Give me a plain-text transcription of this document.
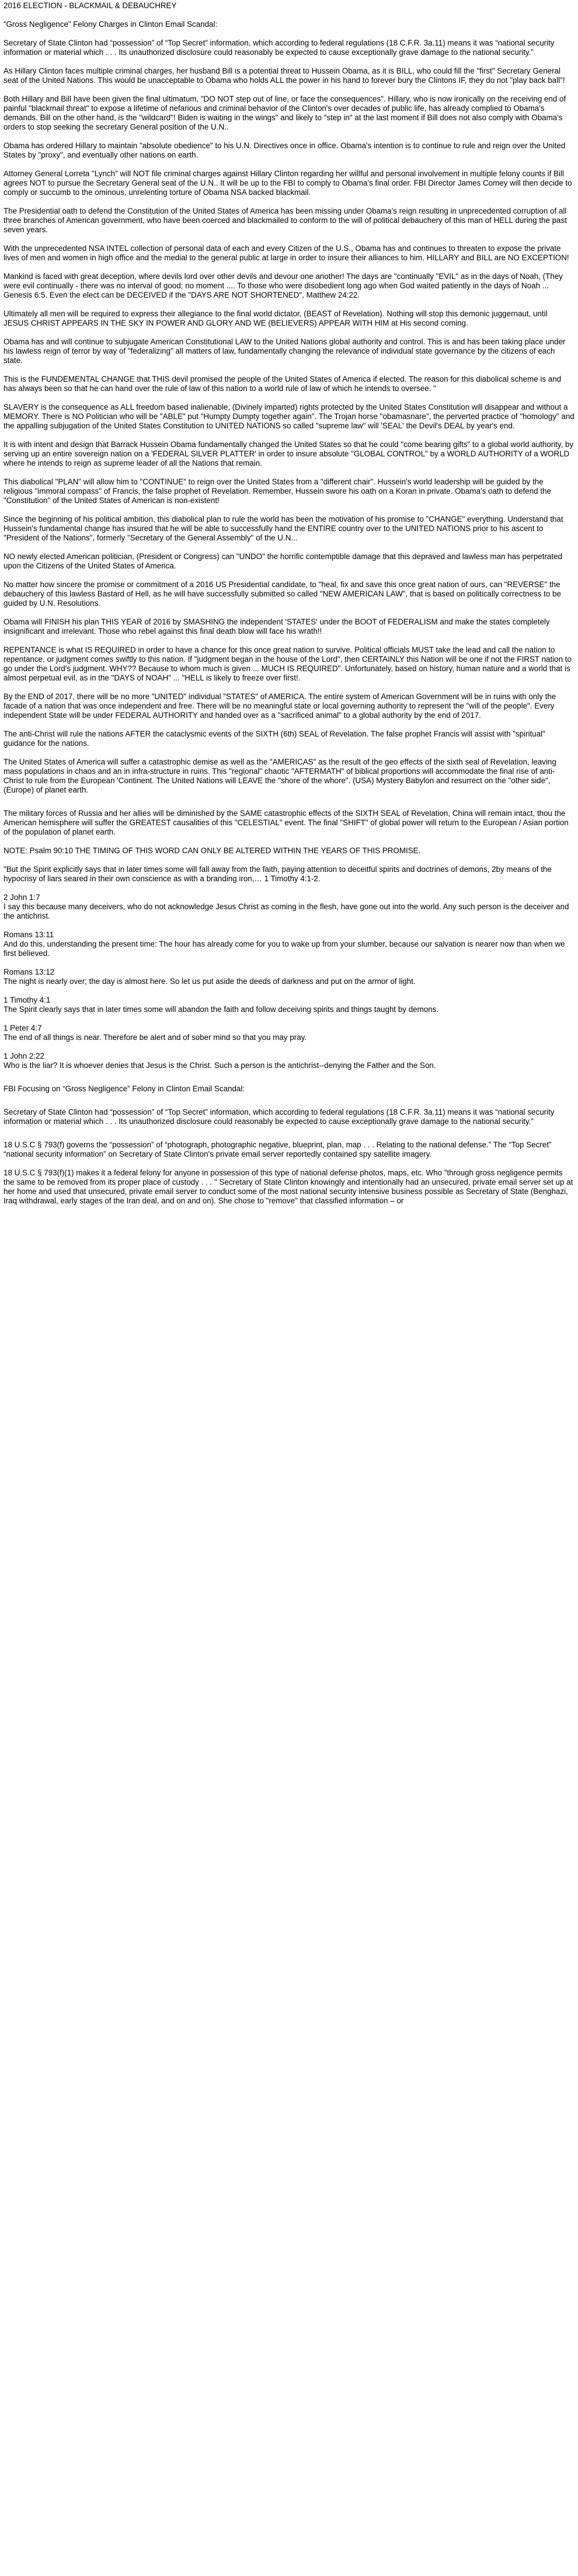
2016 ELECTION - BLACKMAIL & DEBAUCHREY
“Gross Negligence” Felony Charges in Clinton Email Scandal:
Secretary of State Clinton had “possession” of “Top Secret” information, which according to federal regulations (18 C.F.R. 3a.11) means it was “national security information or material which . . . Its unauthorized disclosure could reasonably be expected to cause exceptionally grave damage to the national security.”
As Hillary Clinton faces multiple criminal charges, her husband Bill is a potential threat to Hussein Obama, as it is BILL, who could fill the "first" Secretary General seat of the United Nations. This would be unacceptable to Obama who holds ALL the power in his hand to forever bury the Clintons IF, they do not "play back ball"!
Both Hillary and Bill have been given the final ultimatum, "DO NOT step out of line, or face the consequences". Hillary, who is now ironically on the receiving end of painful "blackmail threat" to expose a lifetime of nefarious and criminal behavior of the Clinton's over decades of public life, has already complied to Obama's demands. Bill on the other hand, is the "wildcard"! Biden is waiting in the wings" and likely to "step in" at the last moment if Bill does not also comply with Obama's orders to stop seeking the secretary General position of the U.N..
Obama has ordered Hillary to maintain "absolute obedience" to his U.N. Directives once in office. Obama's intention is to continue to rule and reign over the United States by "proxy", and eventually other nations on earth.
Attorney General Lorreta "Lynch" will NOT file criminal charges against Hillary Clinton regarding her willful and personal involvement in multiple felony counts if Bill agrees NOT to pursue the Secretary General seat of the U.N.. It will be up to the FBI to comply to Obama's final order. FBI Director James Comey will then decide to comply or succumb to the ominous, unrelenting torture of Obama NSA backed blackmail.
The Presidential oath to defend the Constitution of the United States of America has been missing under Obama's reign resulting in unprecedented corruption of all three branches of American government, who have been coerced and blackmailed to conform to the will of political debauchery of this man of HELL during the past seven years.
With the unprecedented NSA INTEL collection of personal data of each and every Citizen of the U.S., Obama has and continues to threaten to expose the private lives of men and women in high office and the medial to the general public at large in order to insure their alliances to him. HILLARY and BILL are NO EXCEPTION!
Mankind is faced with great deception, where devils lord over other devils and devour one another! The days are "continually "EVIL" as in the days of Noah, (They were evil continually - there was no interval of good; no moment .... To those who were disobedient long ago when God waited patiently in the days of Noah ... Genesis 6:5. Even the elect can be DECEIVED if the "DAYS ARE NOT SHORTENED", Matthew 24:22.
Ultimately all men will be required to express their allegiance to the final world dictator, (BEAST of Revelation). Nothing will stop this demonic juggernaut, until JESUS CHRIST APPEARS IN THE SKY IN POWER AND GLORY AND WE (BELIEVERS) APPEAR WITH HIM at His second coming.
Obama has and will continue to subjugate American Constitutional LAW to the United Nations global authority and control. This is and has been taking place under his lawless reign of terror by way of "federalizing" all matters of law, fundamentally changing the relevance of individual state governance by the citizens of each state.
This is the FUNDEMENTAL CHANGE that THIS devil promised the people of the United States of America if elected. The reason for this diabolical scheme is and has always been so that he can hand over the rule of law of this nation to a world rule of law of which he intends to oversee. "
SLAVERY is the consequence as ALL freedom based inalienable, (Divinely imparted) rights protected by the United States Constitution will disappear and without a MEMORY. There is NO Politician who will be "ABLE" put "Humpty Dumpty together again". The Trojan horse "obamasnare", the perverted practice of "homology" and the appalling subjugation of the United States Constitution to UNITED NATIONS so called "supreme law" will 'SEAL' the Devil's DEAL by year's end.
It is with intent and design that Barrack Hussein Obama fundamentally changed the United States so that he could "come bearing gifts" to a global world authority, by serving up an entire sovereign nation on a 'FEDERAL SILVER PLATTER' in order to insure absolute "GLOBAL CONTROL" by a WORLD AUTHORITY of a WORLD where he intends to reign as supreme leader of all the Nations that remain.
This diabolical "PLAN" will allow him to "CONTINUE" to reign over the United States from a "different chair". Hussein's world leadership will be guided by the religious "immoral compass" of Francis, the false prophet of Revelation. Remember, Hussein swore his oath on a Koran in private. Obama's oath to defend the "Constitution" of the United States of American is non-existent!
Since the beginning of his political ambition, this diabolical plan to rule the world has been the motivation of his promise to "CHANGE" everything. Understand that Hussein's fundamental change has insured that he will be able to successfully hand the ENTIRE country over to the UNITED NATIONS prior to his ascent to "President of the Nations", formerly "Secretary of the General Assembly" of the U.N...
NO newly elected American politician, (President or Congress) can "UNDO" the horrific contemptible damage that this depraved and lawless man has perpetrated upon the Citizens of the United States of America.
No matter how sincere the promise or commitment of a 2016 US Presidential candidate, to "heal, fix and save this once great nation of ours, can "REVERSE" the debauchery of this lawless Bastard of Hell, as he will have successfully submitted so called "NEW AMERICAN LAW", that is based on politically correctness to be guided by U.N. Resolutions.
Obama will FINISH his plan THIS YEAR of 2016 by SMASHING the independent 'STATES' under the BOOT of FEDERALISM and make the states completely insignificant and irrelevant. Those who rebel against this final death blow will face his wrath!!
REPENTANCE is what IS REQUIRED in order to have a chance for this once great nation to survive. Political officials MUST take the lead and call the nation to repentance, or judgment comes swiftly to this nation. If "judgment began in the house of the Lord", then CERTAINLY this Nation will be one if not the FIRST nation to go under the Lord's judgment. WHY?? Because to whom much is given ... MUCH IS REQUIRED". Unfortunately, based on history, human nature and a world that is almost perpetual evil, as in the "DAYS of NOAH" ... "HELL is likely to freeze over first!.
By the END of 2017, there will be no more "UNITED" individual "STATES" of AMERICA. The entire system of American Government will be in ruins with only the facade of a nation that was once independent and free. There will be no meaningful state or local governing authority to represent the "will of the people". Every independent State will be under FEDERAL AUTHORITY and handed over as a "sacrificed animal" to a global authority by the end of 2017.
The anti-Christ will rule the nations AFTER the cataclysmic events of the SIXTH (6th) SEAL of Revelation. The false prophet Francis will assist with "spiritual" guidance for the nations.
The United States of America will suffer a catastrophic demise as well as the "AMERICAS" as the result of the geo effects of the sixth seal of Revelation, leaving mass populations in chaos and an in infra-structure in ruins. This "regional" chaotic "AFTERMATH" of biblical proportions will accommodate the final rise of anti-Christ to rule from the European 'Continent. The United Nations will LEAVE the "shore of the whore". (USA) Mystery Babylon and resurrect on the "other side", (Europe) of planet earth.
The military forces of Russia and her allies will be diminished by the SAME catastrophic effects of the SIXTH SEAL of Revelation, China will remain intact, thou the American hemisphere will suffer the GREATEST causalities of this "CELESTIAL" event. The final "SHIFT" of global power will return to the European / Asian portion of the population of planet earth.
NOTE: Psalm 90:10 THE TIMING OF THIS WORD CAN ONLY BE ALTERED WITHIN THE YEARS OF THIS PROMISE.
"But the Spirit explicitly says that in later times some will fall away from the faith, paying attention to deceitful spirits and doctrines of demons, 2by means of the hypocrisy of liars seared in their own conscience as with a branding iron,… 1 Timothy 4:1-2.
2 John 1:7
I say this because many deceivers, who do not acknowledge Jesus Christ as coming in the flesh, have gone out into the world. Any such person is the deceiver and the antichrist.
Romans 13:11
And do this, understanding the present time: The hour has already come for you to wake up from your slumber, because our salvation is nearer now than when we first believed.
Romans 13:12
The night is nearly over; the day is almost here. So let us put aside the deeds of darkness and put on the armor of light.
1 Timothy 4:1
The Spirit clearly says that in later times some will abandon the faith and follow deceiving spirits and things taught by demons.
1 Peter 4:7
The end of all things is near. Therefore be alert and of sober mind so that you may pray.
1 John 2:22
Who is the liar? It is whoever denies that Jesus is the Christ. Such a person is the antichrist--denying the Father and the Son.
FBI Focusing on “Gross Negligence” Felony in Clinton Email Scandal:
Secretary of State Clinton had “possession” of “Top Secret” information, which according to federal regulations (18 C.F.R. 3a.11) means it was “national security information or material which . . . Its unauthorized disclosure could reasonably be expected to cause exceptionally grave damage to the national security.”
18 U.S.C § 793(f) governs the “possession” of “photograph, photographic negative, blueprint, plan, map . . . Relating to the national defense.” The “Top Secret” “national security information” on Secretary of State Clinton's private email server reportedly contained spy satellite imagery.
18 U.S.C § 793(f)(1) makes it a federal felony for anyone in possession of this type of national defense photos, maps, etc. Who "through gross negligence permits the same to be removed from its proper place of custody . . . " Secretary of State Clinton knowingly and intentionally had an unsecured, private email server set up at her home and used that unsecured, private email server to conduct some of the most national security intensive business possible as Secretary of State (Benghazi, Iraq withdrawal, early stages of the Iran deal, and on and on). She chose to "remove" that classified information – or
